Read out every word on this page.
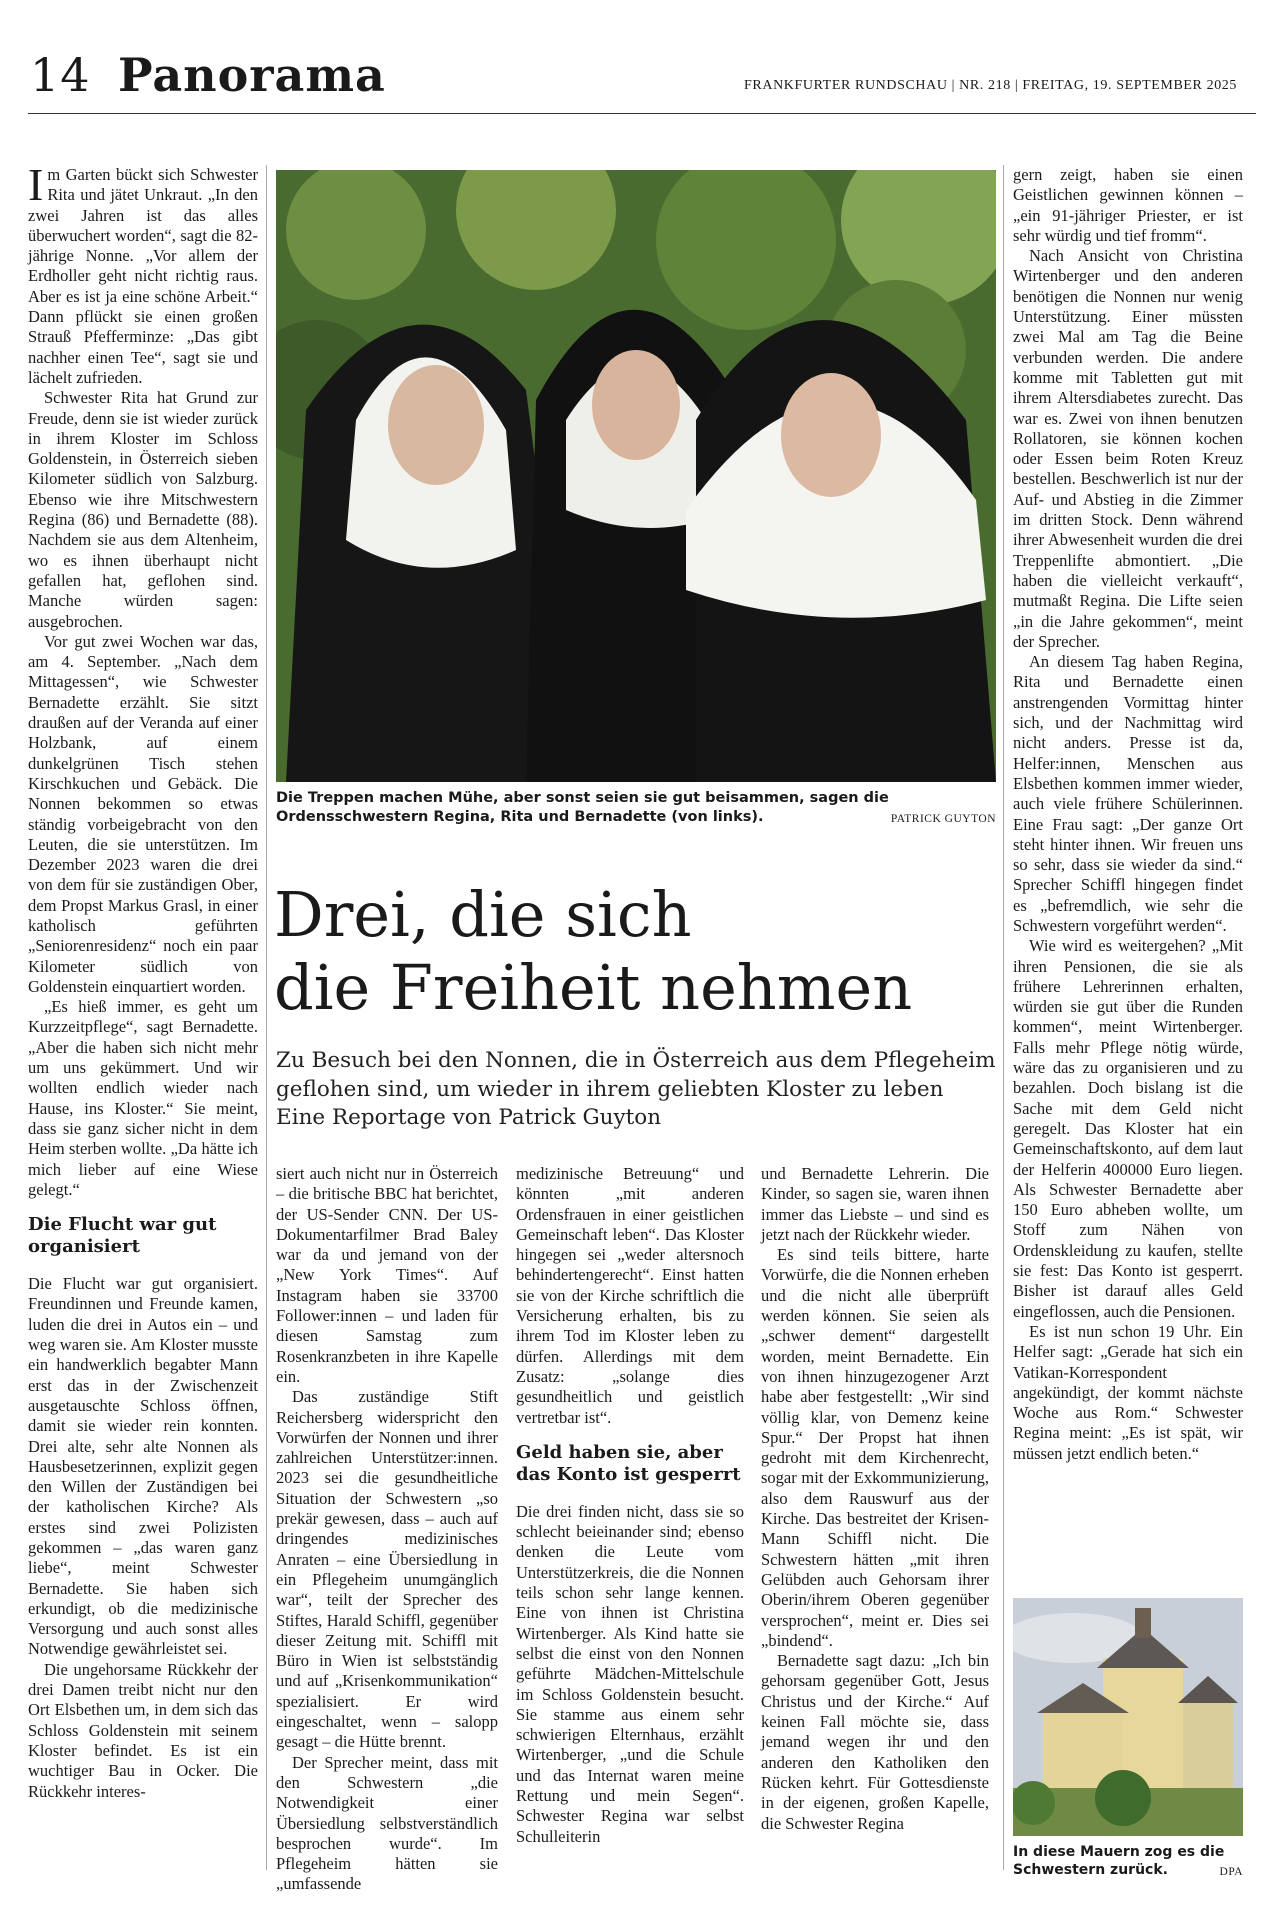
14 Panorama	FRANKFURTER RUNDSCHAU | NR. 218 | FREITAG, 19. SEPTEMBER 2025

Im Garten bückt sich Schwester Rita und jätet Unkraut. „In den zwei Jahren ist das alles überwuchert worden“, sagt die 82-jährige Nonne. „Vor allem der Erdholler geht nicht richtig raus. Aber es ist ja eine schöne Arbeit.“ Dann pflückt sie einen großen Strauß Pfefferminze: „Das gibt nachher einen Tee“, sagt sie und lächelt zufrieden.

Schwester Rita hat Grund zur Freude, denn sie ist wieder zurück in ihrem Kloster im Schloss Goldenstein, in Österreich sieben Kilometer südlich von Salzburg. Ebenso wie ihre Mitschwestern Regina (86) und Bernadette (88). Nachdem sie aus dem Altenheim, wo es ihnen überhaupt nicht gefallen hat, geflohen sind. Manche würden sagen: ausgebrochen.

Vor gut zwei Wochen war das, am 4. September. „Nach dem Mittagessen“, wie Schwester Bernadette erzählt. Sie sitzt draußen auf der Veranda auf einer Holzbank, auf einem dunkelgrünen Tisch stehen Kirschkuchen und Gebäck. Die Nonnen bekommen so etwas ständig vorbeigebracht von den Leuten, die sie unterstützen. Im Dezember 2023 waren die drei von dem für sie zuständigen Ober, dem Propst Markus Grasl, in einer katholisch geführten „Seniorenresidenz“ noch ein paar Kilometer südlich von Goldenstein einquartiert worden.

„Es hieß immer, es geht um Kurzzeitpflege“, sagt Bernadette. „Aber die haben sich nicht mehr um uns gekümmert. Und wir wollten endlich wieder nach Hause, ins Kloster.“ Sie meint, dass sie ganz sicher nicht in dem Heim sterben wollte. „Da hätte ich mich lieber auf eine Wiese gelegt.“

Die Flucht war gut organisiert

Die Flucht war gut organisiert. Freundinnen und Freunde kamen, luden die drei in Autos ein – und weg waren sie. Am Kloster musste ein handwerklich begabter Mann erst das in der Zwischenzeit ausgetauschte Schloss öffnen, damit sie wieder rein konnten. Drei alte, sehr alte Nonnen als Hausbesetzerinnen, explizit gegen den Willen der Zuständigen bei der katholischen Kirche? Als erstes sind zwei Polizisten gekommen – „das waren ganz liebe“, meint Schwester Bernadette. Sie haben sich erkundigt, ob die medizinische Versorgung und auch sonst alles Notwendige gewährleistet sei.

Die ungehorsame Rückkehr der drei Damen treibt nicht nur den Ort Elsbethen um, in dem sich das Schloss Goldenstein mit seinem Kloster befindet. Es ist ein wuchtiger Bau in Ocker. Die Rückkehr interes-

Die Treppen machen Mühe, aber sonst seien sie gut beisammen, sagen die Ordensschwestern Regina, Rita und Bernadette (von links).	PATRICK GUYTON
Drei, die sich
die Freiheit nehmen
Zu Besuch bei den Nonnen, die in Österreich aus dem Pflegeheim
geflohen sind, um wieder in ihrem geliebten Kloster zu leben
Eine Reportage von Patrick Guyton

siert auch nicht nur in Österreich – die britische BBC hat berichtet, der US-Sender CNN. Der US-Dokumentarfilmer Brad Baley war da und jemand von der „New York Times“. Auf Instagram haben sie 33700 Follower:innen – und laden für diesen Samstag zum Rosenkranzbeten in ihre Kapelle ein.

Das zuständige Stift Reichersberg widerspricht den Vorwürfen der Nonnen und ihrer zahlreichen Unterstützer:innen. 2023 sei die gesundheitliche Situation der Schwestern „so prekär gewesen, dass – auch auf dringendes medizinisches Anraten – eine Übersiedlung in ein Pflegeheim unumgänglich war“, teilt der Sprecher des Stiftes, Harald Schiffl, gegenüber dieser Zeitung mit. Schiffl mit Büro in Wien ist selbstständig und auf „Krisenkommunikation“ spezialisiert. Er wird eingeschaltet, wenn – salopp gesagt – die Hütte brennt.

Der Sprecher meint, dass mit den Schwestern „die Notwendigkeit einer Übersiedlung selbstverständlich besprochen wurde“. Im Pflegeheim hätten sie „umfassende

medizinische Betreuung“ und könnten „mit anderen Ordensfrauen in einer geistlichen Gemeinschaft leben“. Das Kloster hingegen sei „weder altersnoch behindertengerecht“. Einst hatten sie von der Kirche schriftlich die Versicherung erhalten, bis zu ihrem Tod im Kloster leben zu dürfen. Allerdings mit dem Zusatz: „solange dies gesundheitlich und geistlich vertretbar ist“.

Geld haben sie, aber das Konto ist gesperrt

Die drei finden nicht, dass sie so schlecht beieinander sind; ebenso denken die Leute vom Unterstützerkreis, die die Nonnen teils schon sehr lange kennen. Eine von ihnen ist Christina Wirtenberger. Als Kind hatte sie selbst die einst von den Nonnen geführte Mädchen-Mittelschule im Schloss Goldenstein besucht. Sie stamme aus einem sehr schwierigen Elternhaus, erzählt Wirtenberger, „und die Schule und das Internat waren meine Rettung und mein Segen“. Schwester Regina war selbst Schulleiterin

und Bernadette Lehrerin. Die Kinder, so sagen sie, waren ihnen immer das Liebste – und sind es jetzt nach der Rückkehr wieder.

Es sind teils bittere, harte Vorwürfe, die die Nonnen erheben und die nicht alle überprüft werden können. Sie seien als „schwer dement“ dargestellt worden, meint Bernadette. Ein von ihnen hinzugezogener Arzt habe aber festgestellt: „Wir sind völlig klar, von Demenz keine Spur.“ Der Propst hat ihnen gedroht mit dem Kirchenrecht, sogar mit der Exkommunizierung, also dem Rauswurf aus der Kirche. Das bestreitet der Krisen-Mann Schiffl nicht. Die Schwestern hätten „mit ihren Gelübden auch Gehorsam ihrer Oberin/ihrem Oberen gegenüber versprochen“, meint er. Dies sei „bindend“.

Bernadette sagt dazu: „Ich bin gehorsam gegenüber Gott, Jesus Christus und der Kirche.“ Auf keinen Fall möchte sie, dass jemand wegen ihr und den anderen den Katholiken den Rücken kehrt. Für Gottesdienste in der eigenen, großen Kapelle, die Schwester Regina

gern zeigt, haben sie einen Geistlichen gewinnen können – „ein 91-jähriger Priester, er ist sehr würdig und tief fromm“.

Nach Ansicht von Christina Wirtenberger und den anderen benötigen die Nonnen nur wenig Unterstützung. Einer müssten zwei Mal am Tag die Beine verbunden werden. Die andere komme mit Tabletten gut mit ihrem Altersdiabetes zurecht. Das war es. Zwei von ihnen benutzen Rollatoren, sie können kochen oder Essen beim Roten Kreuz bestellen. Beschwerlich ist nur der Auf- und Abstieg in die Zimmer im dritten Stock. Denn während ihrer Abwesenheit wurden die drei Treppenlifte abmontiert. „Die haben die vielleicht verkauft“, mutmaßt Regina. Die Lifte seien „in die Jahre gekommen“, meint der Sprecher.

An diesem Tag haben Regina, Rita und Bernadette einen anstrengenden Vormittag hinter sich, und der Nachmittag wird nicht anders. Presse ist da, Helfer:innen, Menschen aus Elsbethen kommen immer wieder, auch viele frühere Schülerinnen. Eine Frau sagt: „Der ganze Ort steht hinter ihnen. Wir freuen uns so sehr, dass sie wieder da sind.“ Sprecher Schiffl hingegen findet es „befremdlich, wie sehr die Schwestern vorgeführt werden“.

Wie wird es weitergehen? „Mit ihren Pensionen, die sie als frühere Lehrerinnen erhalten, würden sie gut über die Runden kommen“, meint Wirtenberger. Falls mehr Pflege nötig würde, wäre das zu organisieren und zu bezahlen. Doch bislang ist die Sache mit dem Geld nicht geregelt. Das Kloster hat ein Gemeinschaftskonto, auf dem laut der Helferin 400000 Euro liegen. Als Schwester Bernadette aber 150 Euro abheben wollte, um Stoff zum Nähen von Ordenskleidung zu kaufen, stellte sie fest: Das Konto ist gesperrt. Bisher ist darauf alles Geld eingeflossen, auch die Pensionen.

Es ist nun schon 19 Uhr. Ein Helfer sagt: „Gerade hat sich ein Vatikan-Korrespondent angekündigt, der kommt nächste Woche aus Rom.“ Schwester Regina meint: „Es ist spät, wir müssen jetzt endlich beten.“

In diese Mauern zog es die Schwestern zurück.	DPA
